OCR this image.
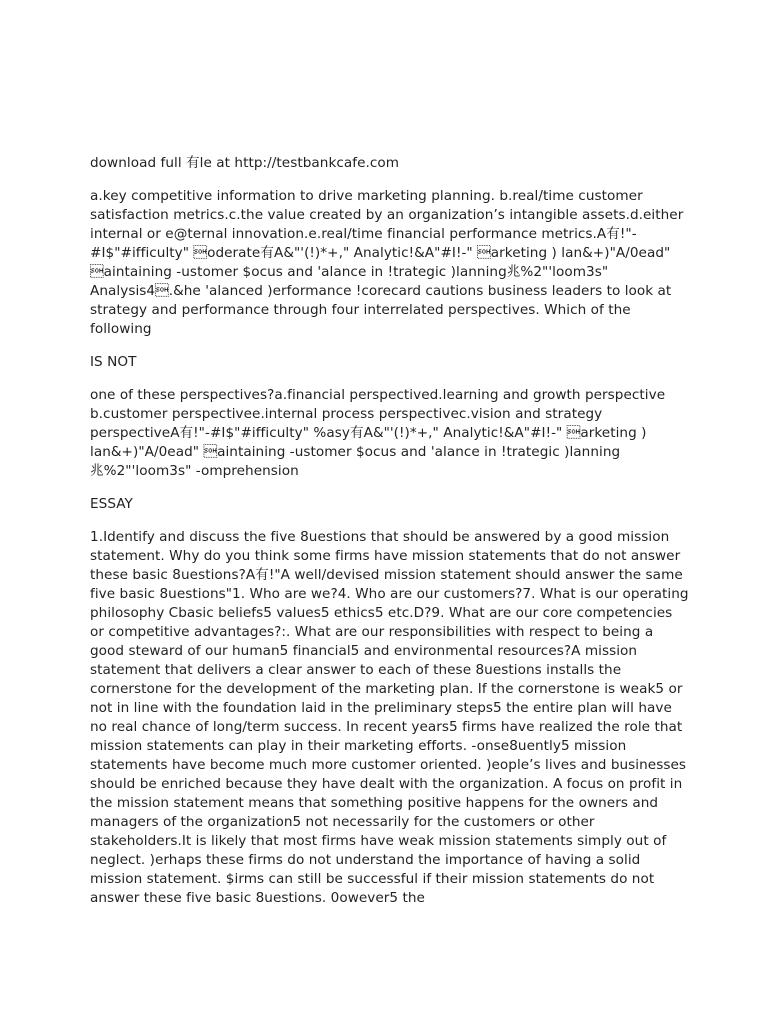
download full 有le at http://testbankcafe.com

a.key competitive information to drive marketing planning. b.real/time customer satisfaction metrics.c.the value created by an organization’s intangible assets.d.either internal or e@ternal innovation.e.real/time financial performance metrics.A有!"-#I$"#ifficulty" oderate有A&"'(!)*+," Analytic!&A"#I!-" arketing ) lan&+)"A/0ead" aintaining -ustomer $ocus and 'alance in !trategic )lanning兆%2"'loom3s" Analysis4.&he 'alanced )erformance !corecard cautions business leaders to look at strategy and performance through four interrelated perspectives. Which of the following

IS NOT

one of these perspectives?a.financial perspectived.learning and growth perspective b.customer perspectivee.internal process perspectivec.vision and strategy perspectiveA有!"-#I$"#ifficulty" %asy有A&"'(!)*+," Analytic!&A"#I!-" arketing ) lan&+)"A/0ead" aintaining -ustomer $ocus and 'alance in !trategic )lanning兆%2"'loom3s" -omprehension

ESSAY

1.Identify and discuss the five 8uestions that should be answered by a good mission statement. Why do you think some firms have mission statements that do not answer these basic 8uestions?A有!"A well/devised mission statement should answer the same five basic 8uestions"1. Who are we?4. Who are our customers?7. What is our operating philosophy Cbasic beliefs5 values5 ethics5 etc.D?9. What are our core competencies or competitive advantages?:. What are our responsibilities with respect to being a good steward of our human5 financial5 and environmental resources?A mission statement that delivers a clear answer to each of these 8uestions installs the cornerstone for the development of the marketing plan. If the cornerstone is weak5 or not in line with the foundation laid in the preliminary steps5 the entire plan will have no real chance of long/term success. In recent years5 firms have realized the role that mission statements can play in their marketing efforts. -onse8uently5 mission statements have become much more customer oriented. )eople’s lives and businesses should be enriched because they have dealt with the organization. A focus on profit in the mission statement means that something positive happens for the owners and managers of the organization5 not necessarily for the customers or other stakeholders.It is likely that most firms have weak mission statements simply out of neglect. )erhaps these firms do not understand the importance of having a solid mission statement. $irms can still be successful if their mission statements do not answer these five basic 8uestions. 0owever5 the
